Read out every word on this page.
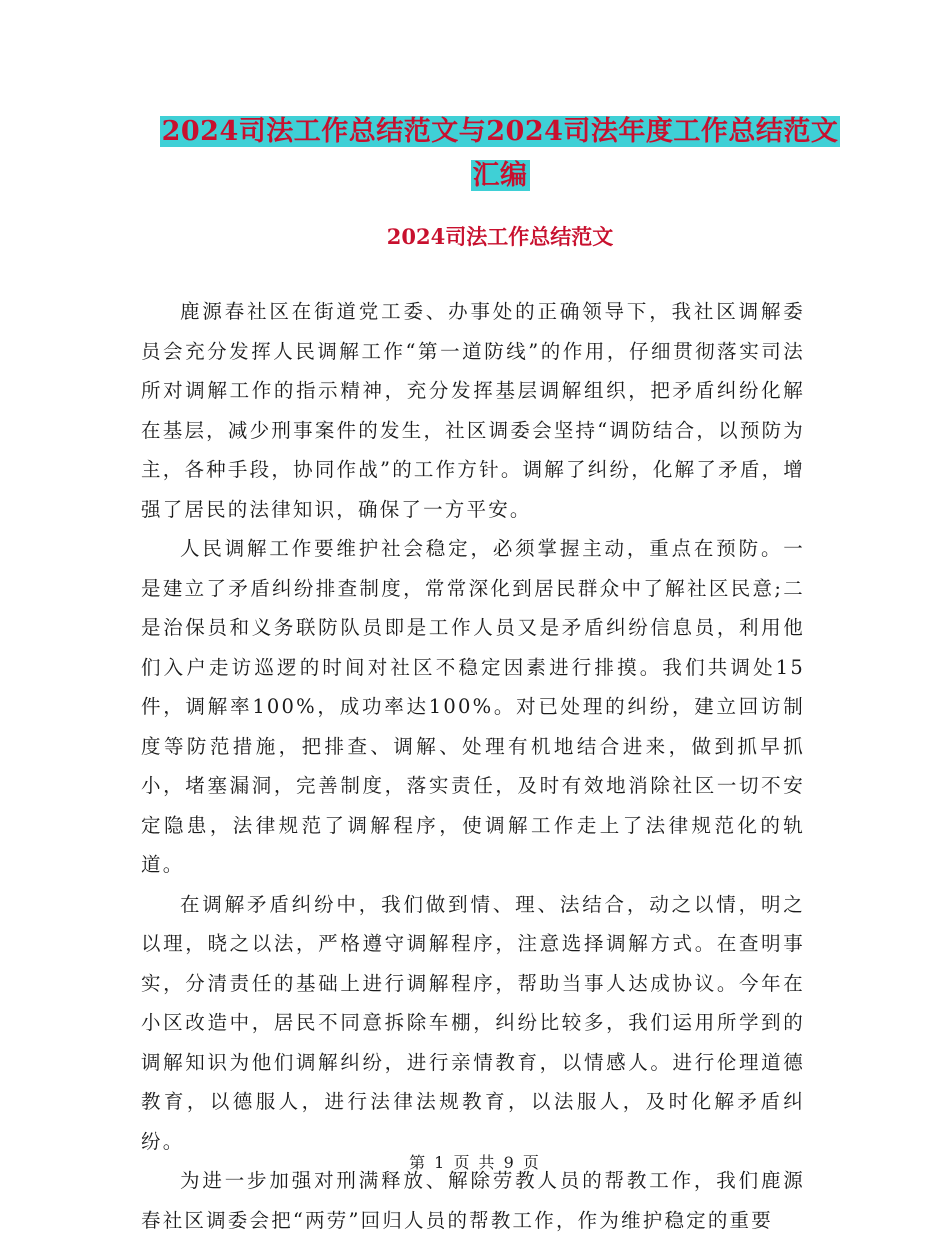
2024司法工作总结范文与2024司法年度工作总结范文
汇编
2024司法工作总结范文

鹿源春社区在街道党工委、办事处的正确领导下，我社区调解委员会充分发挥人民调解工作“第一道防线”的作用，仔细贯彻落实司法所对调解工作的指示精神，充分发挥基层调解组织，把矛盾纠纷化解在基层，减少刑事案件的发生，社区调委会坚持“调防结合，以预防为主，各种手段，协同作战”的工作方针。调解了纠纷，化解了矛盾，增强了居民的法律知识，确保了一方平安。

人民调解工作要维护社会稳定，必须掌握主动，重点在预防。一是建立了矛盾纠纷排查制度，常常深化到居民群众中了解社区民意;二是治保员和义务联防队员即是工作人员又是矛盾纠纷信息员，利用他们入户走访巡逻的时间对社区不稳定因素进行排摸。我们共调处15件，调解率100%，成功率达100%。对已处理的纠纷，建立回访制度等防范措施，把排查、调解、处理有机地结合进来，做到抓早抓小，堵塞漏洞，完善制度，落实责任，及时有效地消除社区一切不安定隐患，法律规范了调解程序，使调解工作走上了法律规范化的轨道。

在调解矛盾纠纷中，我们做到情、理、法结合，动之以情，明之以理，晓之以法，严格遵守调解程序，注意选择调解方式。在查明事实，分清责任的基础上进行调解程序，帮助当事人达成协议。今年在小区改造中，居民不同意拆除车棚，纠纷比较多，我们运用所学到的调解知识为他们调解纠纷，进行亲情教育，以情感人。进行伦理道德教育，以德服人，进行法律法规教育，以法服人，及时化解矛盾纠纷。

为进一步加强对刑满释放、解除劳教人员的帮教工作，我们鹿源春社区调委会把“两劳”回归人员的帮教工作，作为维护稳定的重要

第 1 页 共 9 页
